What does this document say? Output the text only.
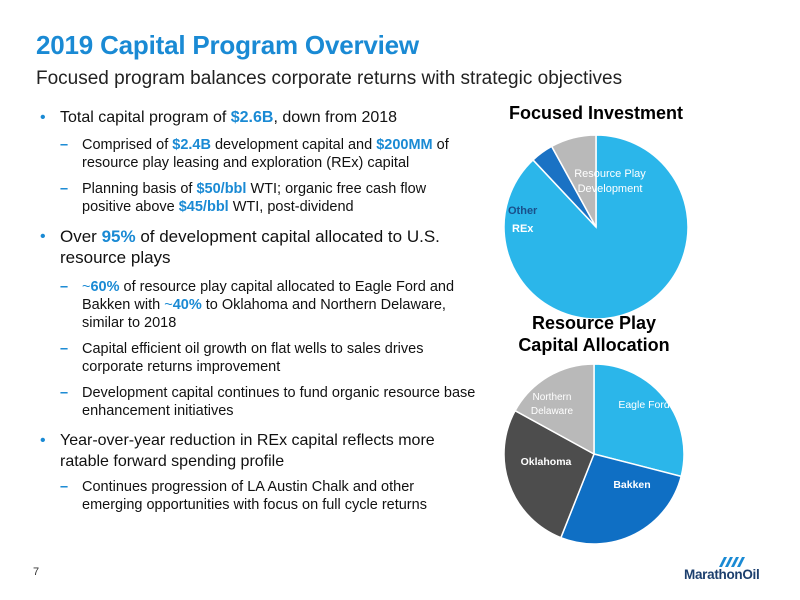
2019 Capital Program Overview
Focused program balances corporate returns with strategic objectives
• Total capital program of $2.6B, down from 2018
– Comprised of $2.4B development capital and $200MM of resource play leasing and exploration (REx) capital
– Planning basis of $50/bbl WTI; organic free cash flow positive above $45/bbl WTI, post-dividend
• Over 95% of development capital allocated to U.S. resource plays
– ~60% of resource play capital allocated to Eagle Ford and Bakken with ~40% to Oklahoma and Northern Delaware, similar to 2018
– Capital efficient oil growth on flat wells to sales drives corporate returns improvement
– Development capital continues to fund organic resource base enhancement initiatives
• Year-over-year reduction in REx capital reflects more ratable forward spending profile
– Continues progression of LA Austin Chalk and other emerging opportunities with focus on full cycle returns
Focused Investment
Resource Play
Development
Other
REx
Resource Play Capital Allocation
Eagle Ford
Bakken
Oklahoma
Northern
Delaware
7	MarathonOil
